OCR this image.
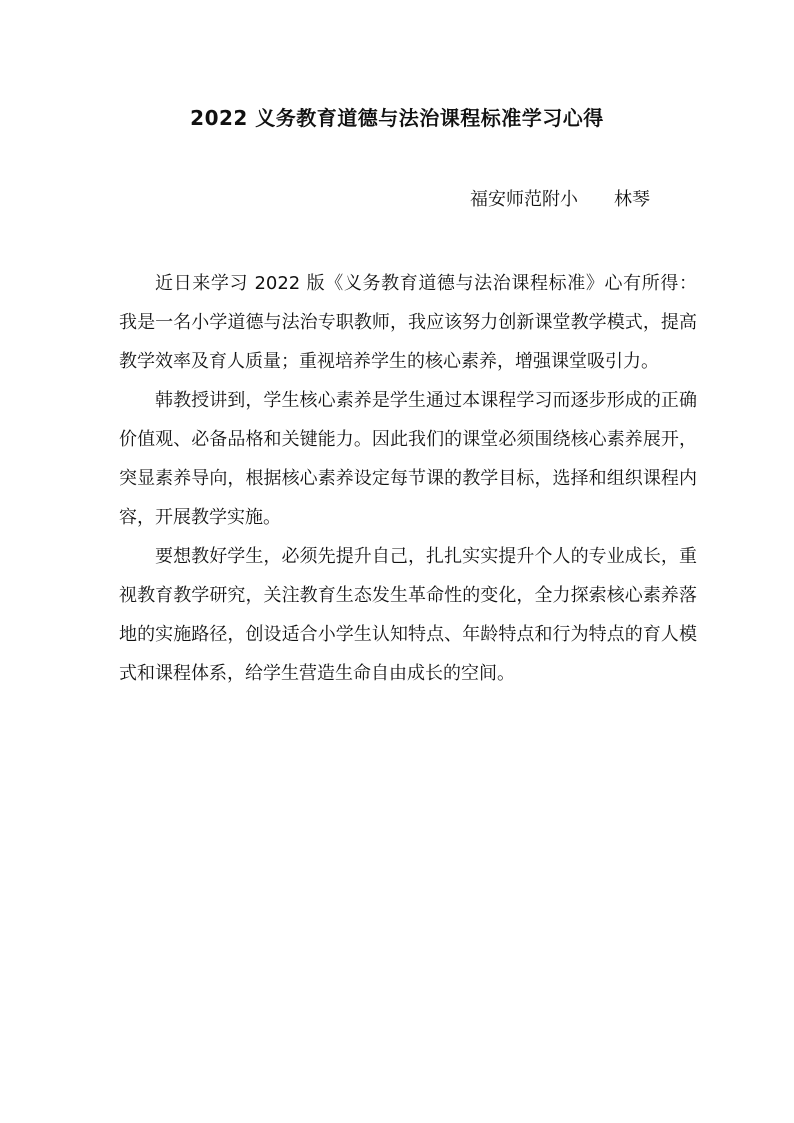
2022 义务教育道德与法治课程标准学习心得
福安师范附小 林琴

近日来学习 2022 版《义务教育道德与法治课程标准》心有所得：我是一名小学道德与法治专职教师，我应该努力创新课堂教学模式，提高教学效率及育人质量；重视培养学生的核心素养，增强课堂吸引力。

韩教授讲到，学生核心素养是学生通过本课程学习而逐步形成的正确价值观、必备品格和关键能力。因此我们的课堂必须围绕核心素养展开，突显素养导向，根据核心素养设定每节课的教学目标，选择和组织课程内容，开展教学实施。

要想教好学生，必须先提升自己，扎扎实实提升个人的专业成长，重视教育教学研究，关注教育生态发生革命性的变化，全力探索核心素养落地的实施路径，创设适合小学生认知特点、年龄特点和行为特点的育人模式和课程体系，给学生营造生命自由成长的空间。
